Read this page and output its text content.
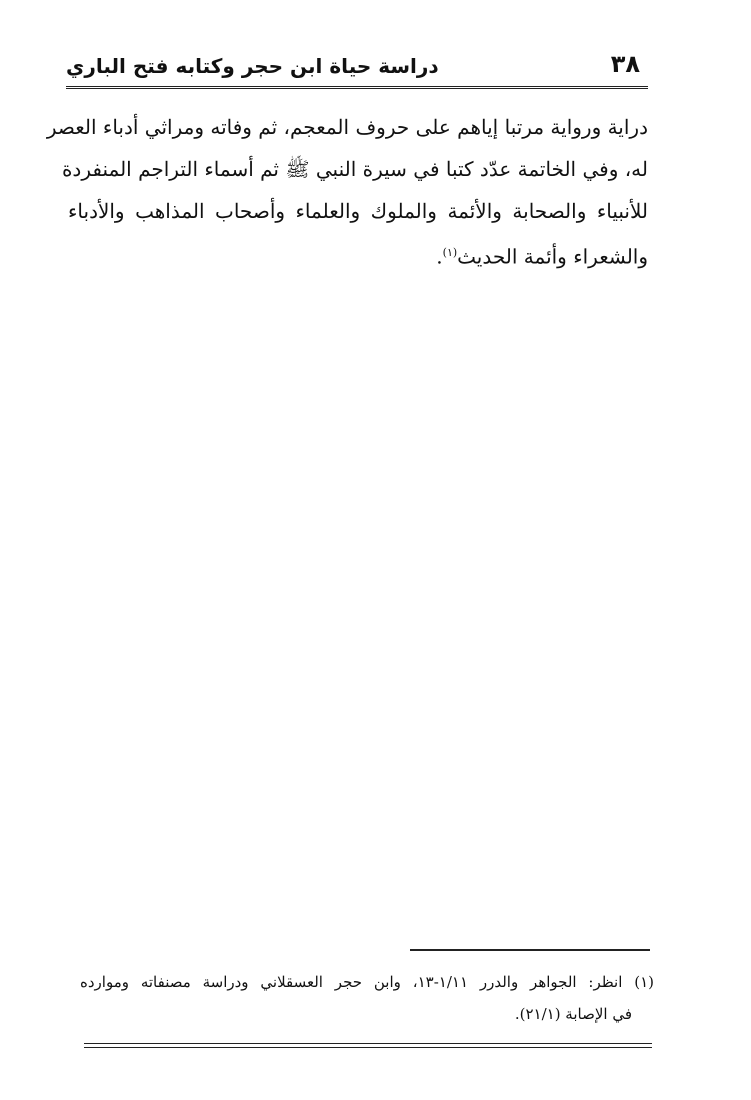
٣٨
دراسة حياة ابن حجر وكتابه فتح الباري
دراية ورواية مرتبا إياهم على حروف المعجم، ثم وفاته ومراثي أدباء العصر
له، وفي الخاتمة عدّد كتبا في سيرة النبي ﷺ ثم أسماء التراجم المنفردة
للأنبياء والصحابة والأئمة والملوك والعلماء وأصحاب المذاهب والأدباء
والشعراء وأئمة الحديث$^{(١)}$.
(١) انظر: الجواهر والدرر ١/١١-١٣، وابن حجر العسقلاني ودراسة مصنفاته وموارده
في الإصابة (٢١/١).
